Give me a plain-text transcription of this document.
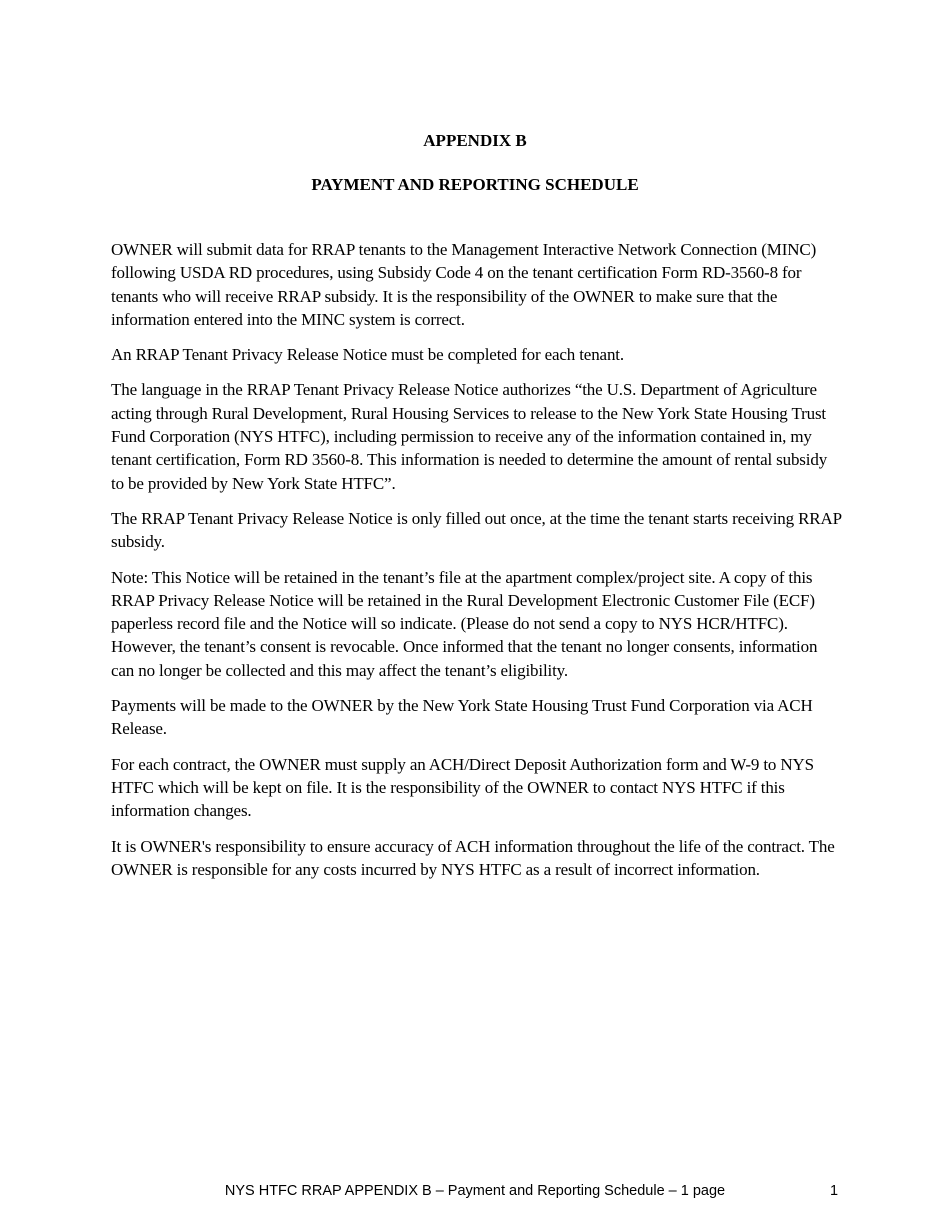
APPENDIX B
PAYMENT AND REPORTING SCHEDULE

OWNER will submit data for RRAP tenants to the Management Interactive Network Connection (MINC) following USDA RD procedures, using Subsidy Code 4 on the tenant certification Form RD-3560-8 for tenants who will receive RRAP subsidy. It is the responsibility of the OWNER to make sure that the information entered into the MINC system is correct.

An RRAP Tenant Privacy Release Notice must be completed for each tenant.

The language in the RRAP Tenant Privacy Release Notice authorizes “the U.S. Department of Agriculture acting through Rural Development, Rural Housing Services to release to the New York State Housing Trust Fund Corporation (NYS HTFC), including permission to receive any of the information contained in, my tenant certification, Form RD 3560-8. This information is needed to determine the amount of rental subsidy to be provided by New York State HTFC”.

The RRAP Tenant Privacy Release Notice is only filled out once, at the time the tenant starts receiving RRAP subsidy.

Note: This Notice will be retained in the tenant’s file at the apartment complex/project site. A copy of this RRAP Privacy Release Notice will be retained in the Rural Development Electronic Customer File (ECF) paperless record file and the Notice will so indicate. (Please do not send a copy to NYS HCR/HTFC). However, the tenant’s consent is revocable. Once informed that the tenant no longer consents, information can no longer be collected and this may affect the tenant’s eligibility.

Payments will be made to the OWNER by the New York State Housing Trust Fund Corporation via ACH Release.

For each contract, the OWNER must supply an ACH/Direct Deposit Authorization form and W-9 to NYS HTFC which will be kept on file. It is the responsibility of the OWNER to contact NYS HTFC if this information changes.

It is OWNER's responsibility to ensure accuracy of ACH information throughout the life of the contract. The OWNER is responsible for any costs incurred by NYS HTFC as a result of incorrect information.

NYS HTFC RRAP APPENDIX B – Payment and Reporting Schedule – 1 page	1
